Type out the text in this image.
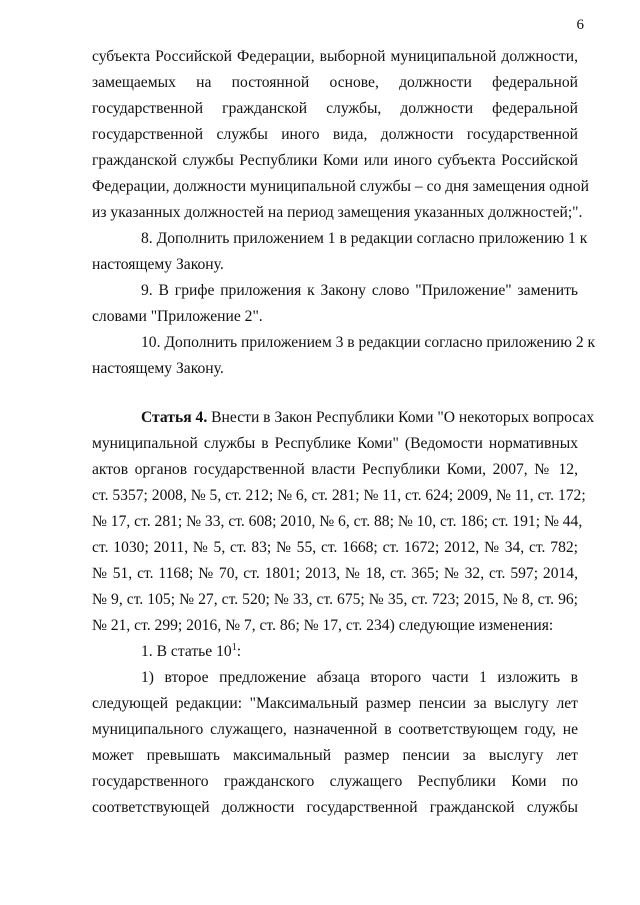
6
субъекта Российской Федерации, выборной муниципальной должности,
замещаемых на постоянной основе, должности федеральной
государственной гражданской службы, должности федеральной
государственной службы иного вида, должности государственной
гражданской службы Республики Коми или иного субъекта Российской
Федерации, должности муниципальной службы – со дня замещения одной
из указанных должностей на период замещения указанных должностей;".
8. Дополнить приложением 1 в редакции согласно приложению 1 к
настоящему Закону.
9. В грифе приложения к Закону слово "Приложение" заменить
словами "Приложение 2".
10. Дополнить приложением 3 в редакции согласно приложению 2 к
настоящему Закону.
Статья 4. Внести в Закон Республики Коми "О некоторых вопросах
муниципальной службы в Республике Коми" (Ведомости нормативных
актов органов государственной власти Республики Коми, 2007, № 12,
ст. 5357; 2008, № 5, ст. 212; № 6, ст. 281; № 11, ст. 624; 2009, № 11, ст. 172;
№ 17, ст. 281; № 33, ст. 608; 2010, № 6, ст. 88; № 10, ст. 186; ст. 191; № 44,
ст. 1030; 2011, № 5, ст. 83; № 55, ст. 1668; ст. 1672; 2012, № 34, ст. 782;
№ 51, ст. 1168; № 70, ст. 1801; 2013, № 18, ст. 365; № 32, ст. 597; 2014,
№ 9, ст. 105; № 27, ст. 520; № 33, ст. 675; № 35, ст. 723; 2015, № 8, ст. 96;
№ 21, ст. 299; 2016, № 7, ст. 86; № 17, ст. 234) следующие изменения:
1. В статье $10^1$:
1) второе предложение абзаца второго части 1 изложить в
следующей редакции: "Максимальный размер пенсии за выслугу лет
муниципального служащего, назначенной в соответствующем году, не
может превышать максимальный размер пенсии за выслугу лет
государственного гражданского служащего Республики Коми по
соответствующей должности государственной гражданской службы
